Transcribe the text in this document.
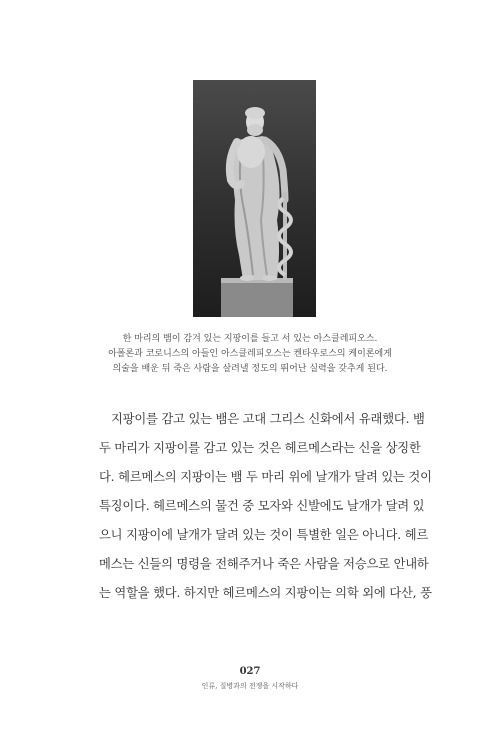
한 마리의 뱀이 감겨 있는 지팡이를 들고 서 있는 아스클레피오스.
아폴론과 코로니스의 아들인 아스클레피오스는 켄타우로스의 케이론에게
의술을 배운 뒤 죽은 사람을 살려낼 정도의 뛰어난 실력을 갖추게 된다.
지팡이를 감고 있는 뱀은 고대 그리스 신화에서 유래했다. 뱀
두 마리가 지팡이를 감고 있는 것은 헤르메스라는 신을 상징한
다. 헤르메스의 지팡이는 뱀 두 마리 위에 날개가 달려 있는 것이
특징이다. 헤르메스의 물건 중 모자와 신발에도 날개가 달려 있
으니 지팡이에 날개가 달려 있는 것이 특별한 일은 아니다. 헤르
메스는 신들의 명령을 전해주거나 죽은 사람을 저승으로 안내하
는 역할을 했다. 하지만 헤르메스의 지팡이는 의학 외에 다산, 풍
027
인류, 질병과의 전쟁을 시작하다
